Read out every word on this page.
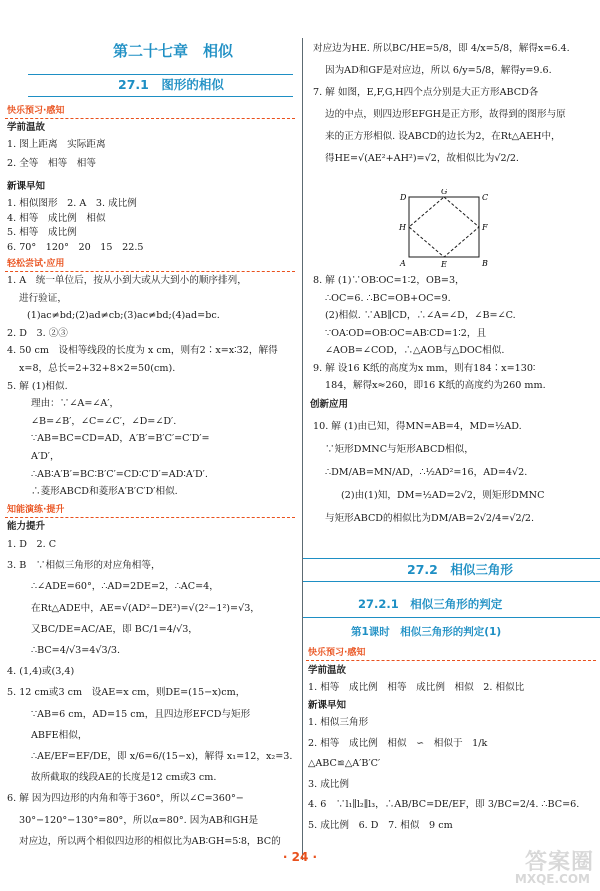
第二十七章　相似
27.1　图形的相似
快乐预习·感知
学前温故
1. 图上距离　实际距离
2. 全等　相等　相等
新课早知
1. 相似图形　2. A　3. 成比例
4. 相等　成比例　相似
5. 相等　成比例
6. 70°　120°　20　15　22.5
轻松尝试·应用
1. A　统一单位后，按从小到大或从大到小的顺序排列，
进行验证，
(1)ac≠bd;(2)ad≠cb;(3)ac≠bd;(4)ad=bc.
2. D　3. ②③
4. 50 cm　设相等线段的长度为 x cm，则有2∶x=x∶32，解得
x=8，总长=2+32+8×2=50(cm).
5. 解 (1)相似.
理由：∵∠A=∠A′，
∠B=∠B′，∠C=∠C′，∠D=∠D′.
∵AB=BC=CD=AD，A′B′=B′C′=C′D′=
A′D′，
∴AB∶A′B′=BC∶B′C′=CD∶C′D′=AD∶A′D′.
∴菱形ABCD和菱形A′B′C′D′相似.
知能演练·提升
能力提升
1. D　2. C
3. B　∵相似三角形的对应角相等，
∴∠ADE=60°，∴AD=2DE=2，∴AC=4，
在Rt△ADE中，AE=√(AD²−DE²)=√(2²−1²)=√3，
又BC/DE=AC/AE，即 BC/1=4/√3，
∴BC=4/√3=4√3/3.
4. (1,4)或(3,4)
5. 12 cm或3 cm　设AE=x cm，则DE=(15−x)cm，
∵AB=6 cm，AD=15 cm，且四边形EFCD与矩形
ABFE相似，
∴AE/EF=EF/DE，即 x/6=6/(15−x)，解得 x₁=12，x₂=3.
故所截取的线段AE的长度是12 cm或3 cm.
6. 解 因为四边形的内角和等于360°，所以∠C=360°−
30°−120°−130°=80°，所以α=80°. 因为AB和GH是
对应边，所以两个相似四边形的相似比为AB∶GH=5∶8，BC的
对应边为HE. 所以BC/HE=5/8，即 4/x=5/8，解得x=6.4.
因为AD和GF是对应边，所以 6/y=5/8，解得y=9.6.
7. 解 如图，E,F,G,H四个点分别是大正方形ABCD各
边的中点，则四边形EFGH是正方形，故得到的图形与原
来的正方形相似. 设ABCD的边长为2，在Rt△AEH中，
得HE=√(AE²+AH²)=√2，故相似比为√2/2.
8. 解 (1)∵OB∶OC=1∶2，OB=3，
∴OC=6. ∴BC=OB+OC=9.
(2)相似. ∵AB∥CD，∴∠A=∠D，∠B=∠C.
∵OA∶OD=OB∶OC=AB∶CD=1∶2，且
∠AOB=∠COD，∴△AOB与△DOC相似.
9. 解 设16 K纸的高度为x mm，则有184∶x=130∶
184，解得x≈260，即16 K纸的高度约为260 mm.
创新应用
10. 解 (1)由已知，得MN=AB=4，MD=½AD.
∵矩形DMNC与矩形ABCD相似，
∴DM/AB=MN/AD，∴½AD²=16，AD=4√2.
(2)由(1)知，DM=½AD=2√2，则矩形DMNC
与矩形ABCD的相似比为DM/AB=2√2/4=√2/2.
27.2　相似三角形
27.2.1　相似三角形的判定
第1课时　相似三角形的判定(1)
快乐预习·感知
学前温故
1. 相等　成比例　相等　成比例　相似　2. 相似比
新课早知
1. 相似三角形
2. 相等　成比例　相似　∽　相似于　1/k
△ABC≌△A′B′C′
3. 成比例
4. 6　∵l₁∥l₂∥l₃，∴AB/BC=DE/EF，即 3/BC=2/4. ∴BC=6.
5. 成比例　6. D　7. 相似　9 cm
D
G
C
H	F
A	E	B
· 24 ·	答案圈
MXQE.COM
